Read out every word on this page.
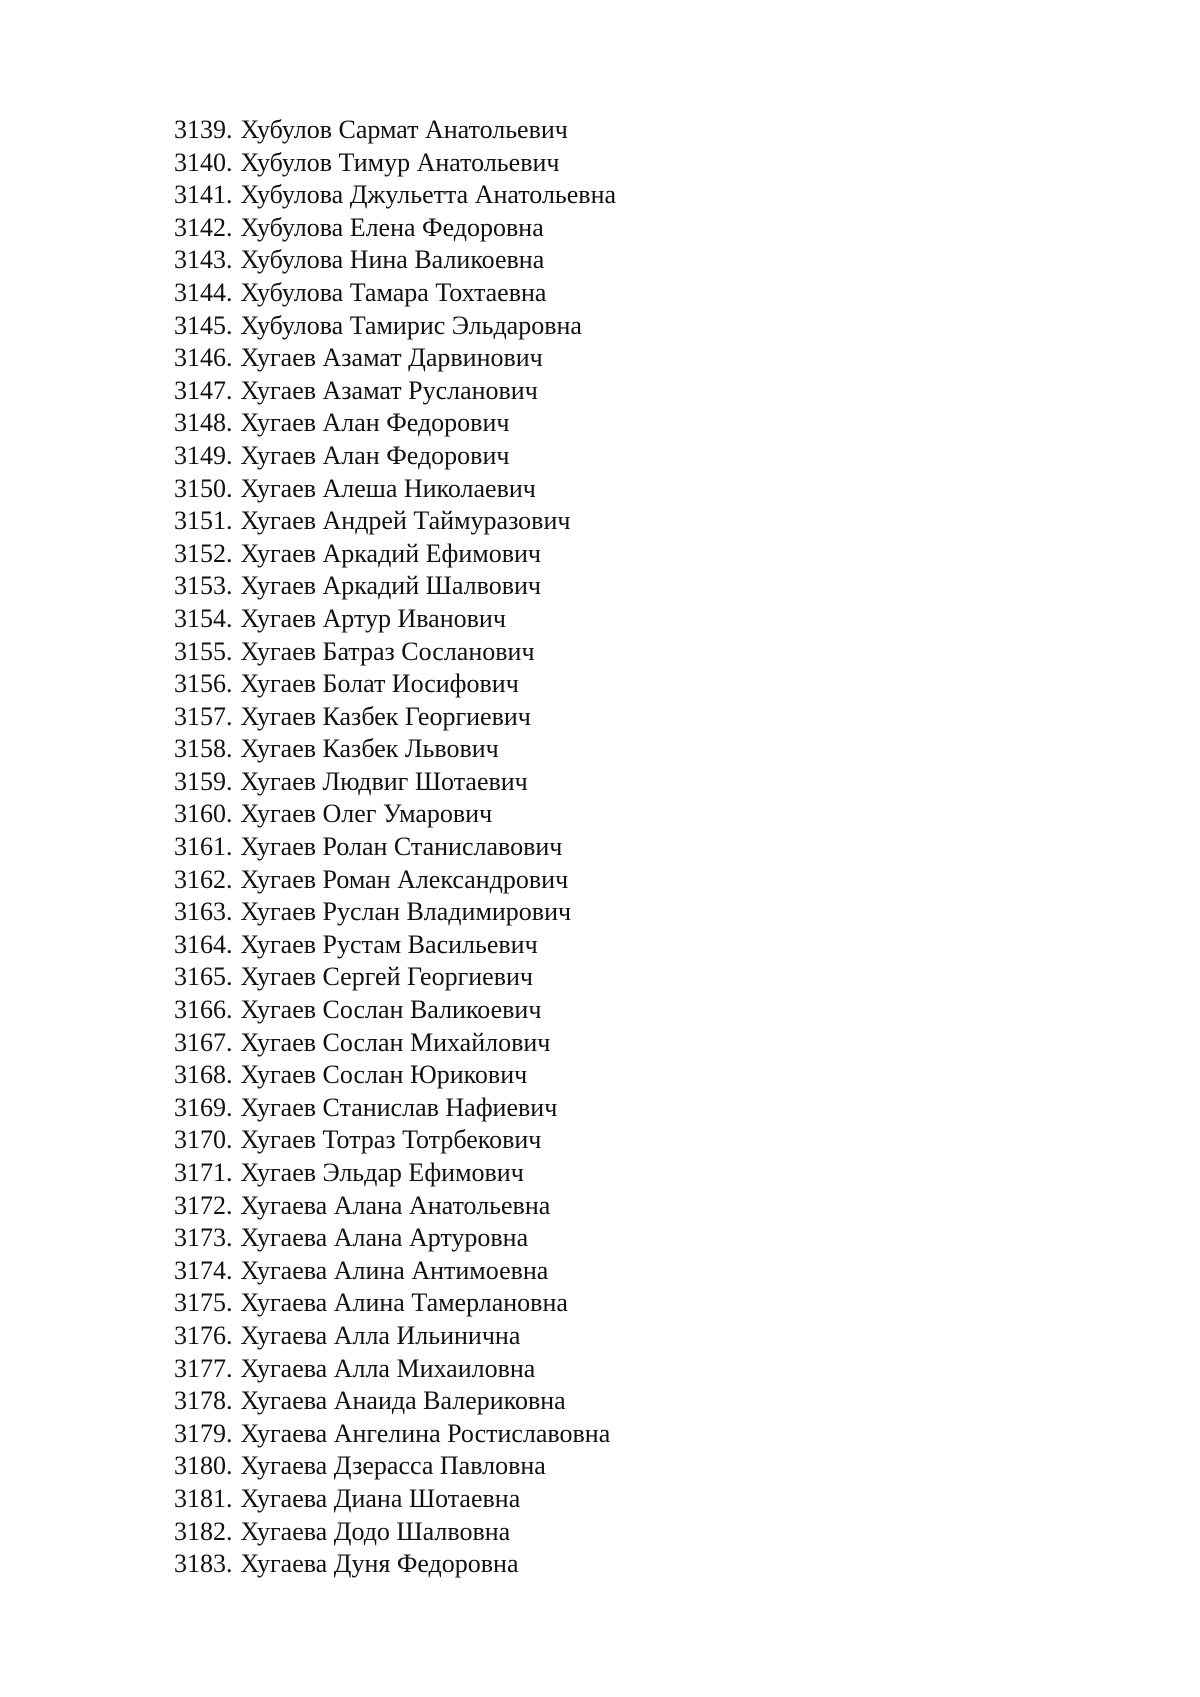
3139. Хубулов Сармат Анатольевич
3140. Хубулов Тимур Анатольевич
3141. Хубулова Джульетта Анатольевна
3142. Хубулова Елена Федоровна
3143. Хубулова Нина Валикоевна
3144. Хубулова Тамара Тохтаевна
3145. Хубулова Тамирис Эльдаровна
3146. Хугаев Азамат Дарвинович
3147. Хугаев Азамат Русланович
3148. Хугаев Алан Федорович
3149. Хугаев Алан Федорович
3150. Хугаев Алеша Николаевич
3151. Хугаев Андрей Таймуразович
3152. Хугаев Аркадий Ефимович
3153. Хугаев Аркадий Шалвович
3154. Хугаев Артур Иванович
3155. Хугаев Батраз Сосланович
3156. Хугаев Болат Иосифович
3157. Хугаев Казбек Георгиевич
3158. Хугаев Казбек Львович
3159. Хугаев Людвиг Шотаевич
3160. Хугаев Олег Умарович
3161. Хугаев Ролан Станиславович
3162. Хугаев Роман Александрович
3163. Хугаев Руслан Владимирович
3164. Хугаев Рустам Васильевич
3165. Хугаев Сергей Георгиевич
3166. Хугаев Сослан Валикоевич
3167. Хугаев Сослан Михайлович
3168. Хугаев Сослан Юрикович
3169. Хугаев Станислав Нафиевич
3170. Хугаев Тотраз Тотрбекович
3171. Хугаев Эльдар Ефимович
3172. Хугаева Алана Анатольевна
3173. Хугаева Алана Артуровна
3174. Хугаева Алина Антимоевна
3175. Хугаева Алина Тамерлановна
3176. Хугаева Алла Ильинична
3177. Хугаева Алла Михаиловна
3178. Хугаева Анаида Валериковна
3179. Хугаева Ангелина Ростиславовна
3180. Хугаева Дзерасса Павловна
3181. Хугаева Диана Шотаевна
3182. Хугаева Додо Шалвовна
3183. Хугаева Дуня Федоровна
